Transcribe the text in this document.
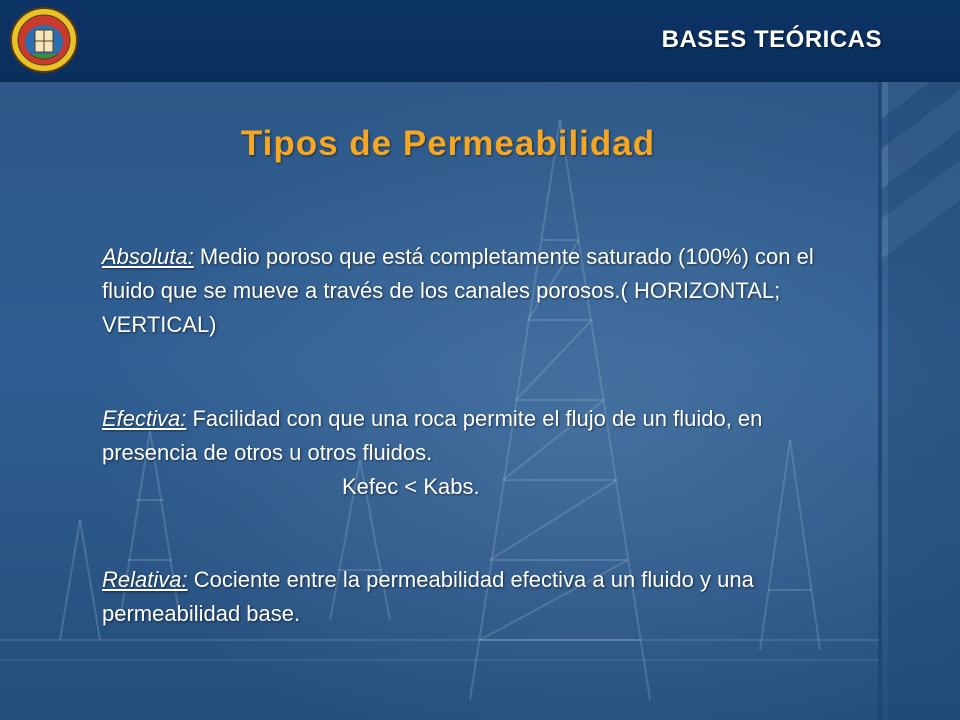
BASES TEÓRICAS
Tipos de Permeabilidad
Absoluta: Medio poroso que está completamente saturado (100%) con el fluido que se mueve a través de los canales porosos.( HORIZONTAL; VERTICAL)
Efectiva: Facilidad con que una roca permite el flujo de un fluido, en presencia de otros u otros fluidos.
Kefec < Kabs.
Relativa: Cociente entre la permeabilidad efectiva a un fluido y una permeabilidad base.
